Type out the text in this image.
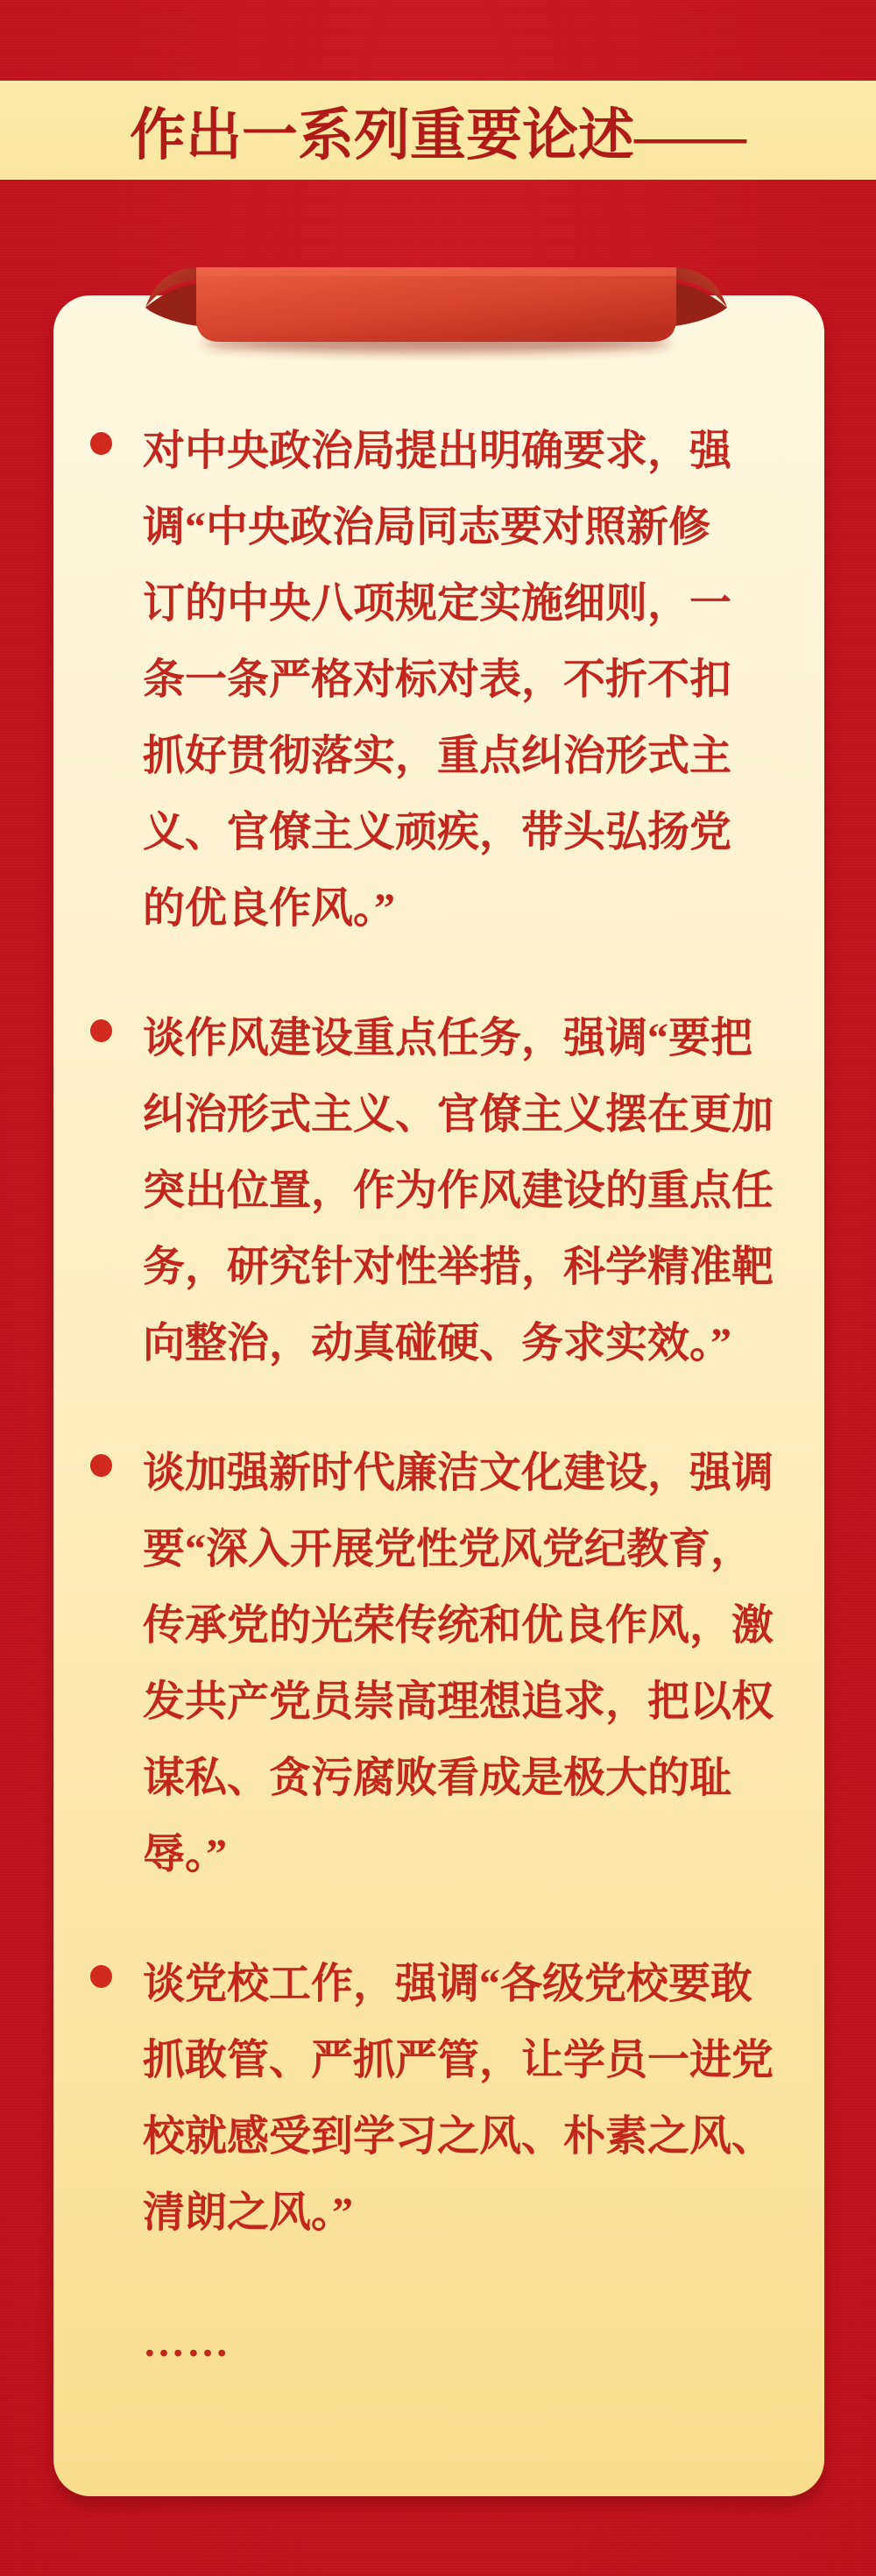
作出一系列重要论述——
对中央政治局提出明确要求，强
调“中央政治局同志要对照新修
订的中央八项规定实施细则，一
条一条严格对标对表，不折不扣
抓好贯彻落实，重点纠治形式主
义、官僚主义顽疾，带头弘扬党
的优良作风。”
谈作风建设重点任务，强调“要把
纠治形式主义、官僚主义摆在更加
突出位置，作为作风建设的重点任
务，研究针对性举措，科学精准靶
向整治，动真碰硬、务求实效。”
谈加强新时代廉洁文化建设，强调
要“深入开展党性党风党纪教育，
传承党的光荣传统和优良作风，激
发共产党员崇高理想追求，把以权
谋私、贪污腐败看成是极大的耻
辱。”
谈党校工作，强调“各级党校要敢
抓敢管、严抓严管，让学员一进党
校就感受到学习之风、朴素之风、
清朗之风。”
……
